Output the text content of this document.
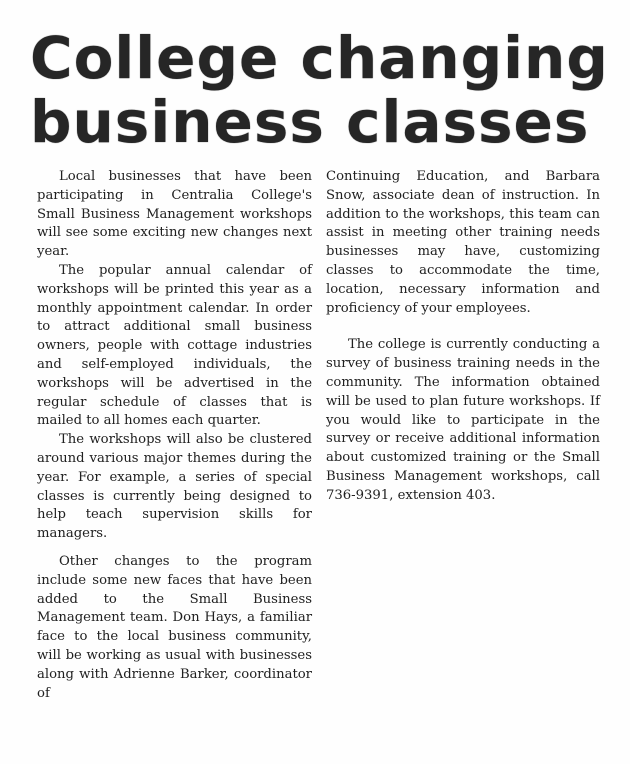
College changing
business classes

Local businesses that have been participating in Centralia College's Small Business Management workshops will see some exciting new changes next year.

The popular annual calendar of workshops will be printed this year as a monthly appointment calendar. In order to attract additional small business owners, people with cottage industries and self-employed individuals, the workshops will be advertised in the regular schedule of classes that is mailed to all homes each quarter.

The workshops will also be clustered around various major themes during the year. For example, a series of special classes is currently being designed to help teach supervision skills for managers.

Other changes to the program include some new faces that have been added to the Small Business Management team. Don Hays, a familiar face to the local business community, will be working as usual with businesses along with Adrienne Barker, coordinator of

Continuing Education, and Barbara Snow, associate dean of instruction. In addition to the workshops, this team can assist in meeting other training needs businesses may have, customizing classes to accommodate the time, location, necessary information and proficiency of your employees.

The college is currently conducting a survey of business training needs in the community. The information obtained will be used to plan future workshops. If you would like to participate in the survey or receive additional information about customized training or the Small Business Management workshops, call 736-9391, extension 403.
